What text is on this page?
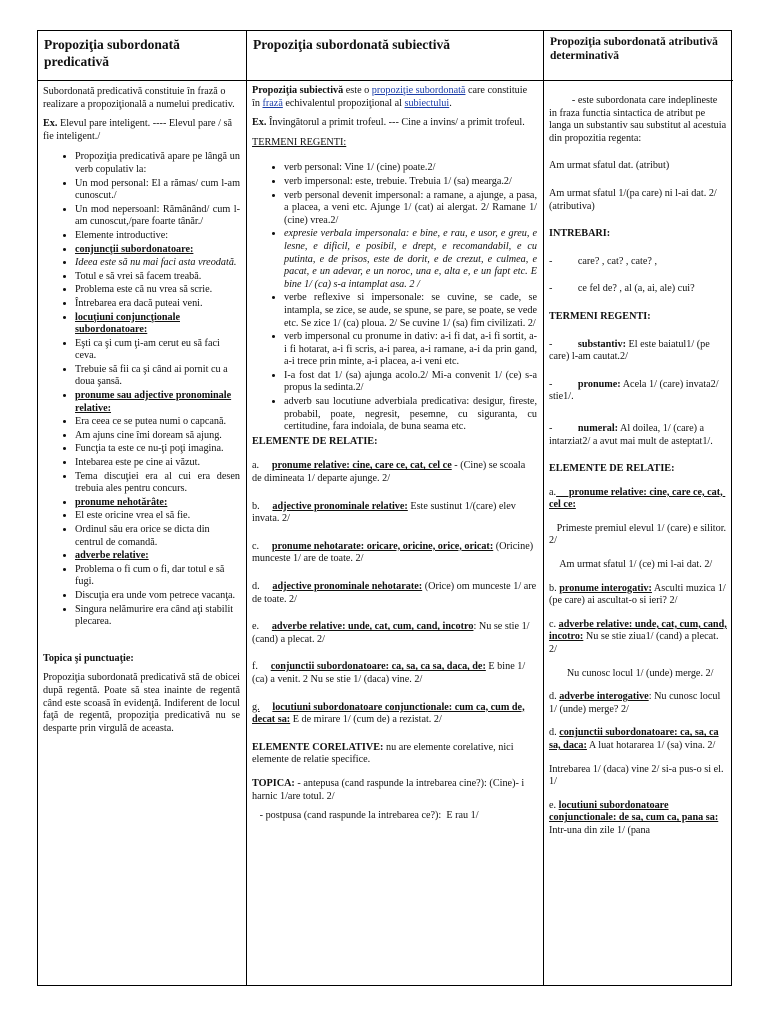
Propoziţia subordonată predicativă
Propoziţia subordonată subiectivă	Propoziţia subordonată atributivă determinativă

Subordonată predicativă constituie în frază o realizare a propoziţională a numelui predicativ.

Ex. Elevul pare inteligent. ---- Elevul pare / să fie inteligent./

• Propoziţia predicativă apare pe lângă un verb copulativ la:
• Un mod personal: El a rămas/ cum l-am cunoscut./
• Un mod nepersoanl: Rămânând/ cum l-am cunoscut,/pare foarte tânăr./
• Elemente introductive:
• conjuncţii subordonatoare:
• Ideea este să nu mai faci asta vreodată.
• Totul e să vrei să facem treabă.
• Problema este că nu vrea să scrie.
• Întrebarea era dacă puteai veni.
• locuţiuni conjuncţionale subordonatoare:
• Eşti ca şi cum ţi-am cerut eu să faci ceva.
• Trebuie să fii ca şi când ai pornit cu a doua şansă.
• pronume sau adjective pronominale relative:
• Era ceea ce se putea numi o capcană.
• Am ajuns cine îmi doream să ajung.
• Funcţia ta este ce nu-ţi poţi imagina.
• Intebarea este pe cine ai văzut.
• Tema discuţiei era al cui era desen trebuia ales pentru concurs.
• pronume nehotărâte:
• El este oricine vrea el să fie.
• Ordinul său era orice se dicta din centrul de comandă.
• adverbe relative:
• Problema o fi cum o fi, dar totul e să fugi.
• Discuţia era unde vom petrece vacanţa.
• Singura nelămurire era când aţi stabilit plecarea.

Topica şi punctuaţie:

Propoziţia subordonată predicativă stă de obicei după regentă. Poate să stea inainte de regentă când este scoasă în evidenţă. Indiferent de locul faţă de regentă, propoziţia predicativă nu se desparte prin virgulă de aceasta.

Propoziţia subiectivă este o propoziţie subordonată care constituie în frază echivalentul propoziţional al subiectului.

Ex. Învingătorul a primit trofeul. --- Cine a invins/ a primit trofeul.

TERMENI REGENTI:

• verb personal: Vine 1/ (cine) poate.2/
• verb impersonal: este, trebuie. Trebuia 1/ (sa) mearga.2/
• verb personal devenit impersonal: a ramane, a ajunge, a pasa, a placea, a veni etc. Ajunge 1/ (cat) ai alergat. 2/ Ramane 1/ (cine) vrea.2/
• expresie verbala impersonala: e bine, e rau, e usor, e greu, e lesne, e dificil, e posibil, e drept, e recomandabil, e cu putinta, e de prisos, este de dorit, e de crezut, e culmea, e pacat, e un adevar, e un noroc, una e, alta e, e un fapt etc. E bine 1/ (ca) s-a intamplat asa. 2 /
• verbe reflexive si impersonale: se cuvine, se cade, se intampla, se zice, se aude, se spune, se pare, se poate, se vede etc. Se zice 1/ (ca) ploua. 2/ Se cuvine 1/ (sa) fim civilizati. 2/
• verb impersonal cu pronume in dativ: a-i fi dat, a-i fi sortit, a-i fi hotarat, a-i fi scris, a-i parea, a-i ramane, a-i da prin gand, a-i trece prin minte, a-i placea, a-i veni etc.
• I-a fost dat 1/ (sa) ajunga acolo.2/ Mi-a convenit 1/ (ce) s-a propus la sedinta.2/
• adverb sau locutiune adverbiala predicativa: desigur, fireste, probabil, poate, negresit, pesemne, cu siguranta, cu certitudine, fara indoiala, de buna seama etc.

ELEMENTE DE RELATIE:

a. pronume relative: cine, care ce, cat, cel ce - (Cine) se scoala de dimineata 1/ departe ajunge. 2/

b. adjective pronominale relative: Este sustinut 1/(care) elev invata. 2/

c. pronume nehotarate: oricare, oricine, orice, oricat: (Oricine) munceste 1/ are de toate. 2/

d. adjective pronominale nehotarate: (Orice) om munceste 1/ are de toate. 2/

e. adverbe relative: unde, cat, cum, cand, incotro: Nu se stie 1/ (cand) a plecat. 2/

f. conjunctii subordonatoare: ca, sa, ca sa, daca, de: E bine 1/ (ca) a venit. 2 Nu se stie 1/ (daca) vine. 2/

g. locutiuni subordonatoare conjunctionale: cum ca, cum de, decat sa: E de mirare 1/ (cum de) a rezistat. 2/

ELEMENTE CORELATIVE: nu are elemente corelative, nici elemente de relatie specifice.

TOPICA: - antepusa (cand raspunde la intrebarea cine?): (Cine)- i harnic 1/are totul. 2/

- postpusa (cand raspunde la intrebarea ce?):  E rau 1/

- este subordonata care indeplineste in fraza functia sintactica de atribut pe langa un substantiv sau substitut al acestuia din propozitia regenta:

Am urmat sfatul dat. (atribut)

Am urmat sfatul 1/(pa care) ni l-ai dat. 2/ (atributiva)

INTREBARI:

-          care? , cat? , cate? ,

-          ce fel de? , al (a, ai, ale) cui?

TERMENI REGENTI:

-          substantiv: El este baiatul1/ (pe care) l-am cautat.2/

-          pronume: Acela 1/ (care) invata2/ stie1/.

-          numeral: Al doilea, 1/ (care) a intarziat2/ a avut mai mult de asteptat1/.

ELEMENTE DE RELATIE:

a.     pronume relative: cine, care ce, cat, cel ce:

Primeste premiul elevul 1/ (care) e silitor. 2/

Am urmat sfatul 1/ (ce) mi l-ai dat. 2/

b. pronume interogativ: Asculti muzica 1/ (pe care) ai ascultat-o si ieri? 2/

c. adverbe relative: unde, cat, cum, cand, incotro: Nu se stie ziua1/ (cand) a plecat. 2/

Nu cunosc locul 1/ (unde) merge. 2/

d. adverbe interogative: Nu cunosc locul 1/ (unde) merge? 2/

d. conjunctii subordonatoare: ca, sa, ca sa, daca: A luat hotararea 1/ (sa) vina. 2/

Intrebarea 1/ (daca) vine 2/ si-a pus-o si el. 1/

e. locutiuni subordonatoare conjunctionale: de sa, cum ca, pana sa:        Intr-una din zile 1/ (pana
